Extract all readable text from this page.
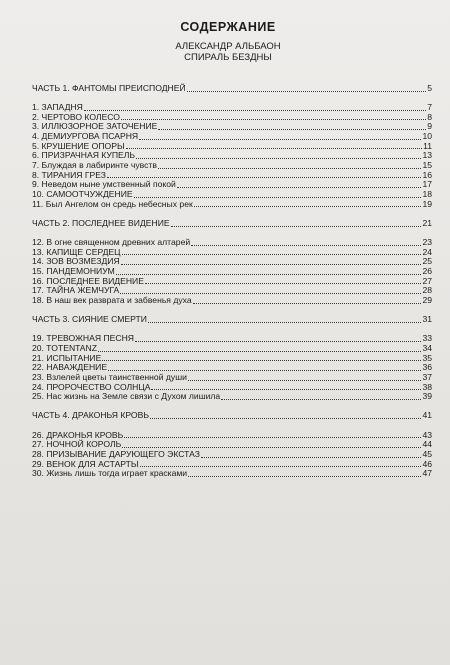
СОДЕРЖАНИЕ
АЛЕКСАНДР АЛЬБАОН
СПИРАЛЬ БЕЗДНЫ
ЧАСТЬ 1. ФАНТОМЫ ПРЕИСПОДНЕЙ	5
1. ЗАПАДНЯ	7
2. ЧЕРТОВО КОЛЕСО	8
3. ИЛЛЮЗОРНОЕ ЗАТОЧЕНИЕ	9
4. ДЕМИУРГОВА ПСАРНЯ	10
5. КРУШЕНИЕ ОПОРЫ	11
6. ПРИЗРАЧНАЯ КУПЕЛЬ	13
7. Блуждая в лабиринте чувств	15
8. ТИРАНИЯ ГРЕЗ	16
9. Неведом ныне умственный покой	17
10. САМООТЧУЖДЕНИЕ	18
11. Был Ангелом он средь небесных рек	19
ЧАСТЬ 2. ПОСЛЕДНЕЕ ВИДЕНИЕ	21
12. В огне священном древних алтарей	23
13. КАПИЩЕ СЕРДЕЦ	24
14. ЗОВ ВОЗМЕЗДИЯ	25
15. ПАНДЕМОНИУМ	26
16. ПОСЛЕДНЕЕ ВИДЕНИЕ	27
17. ТАЙНА ЖЕМЧУГА	28
18. В наш век разврата и забвенья духа	29
ЧАСТЬ 3. СИЯНИЕ СМЕРТИ	31
19. ТРЕВОЖНАЯ ПЕСНЯ	33
20. TOTENTANZ	34
21. ИСПЫТАНИЕ	35
22. НАВАЖДЕНИЕ	36
23. Взлелей цветы таинственной души	37
24. ПРОРОЧЕСТВО СОЛНЦА	38
25. Нас жизнь на Земле связи с Духом лишила	39
ЧАСТЬ 4. ДРАКОНЬЯ КРОВЬ	41
26. ДРАКОНЬЯ КРОВЬ	43
27. НОЧНОЙ КОРОЛЬ	44
28. ПРИЗЫВАНИЕ ДАРУЮЩЕГО ЭКСТАЗ	45
29. ВЕНОК ДЛЯ АСТАРТЫ	46
30. Жизнь лишь тогда играет красками	47
